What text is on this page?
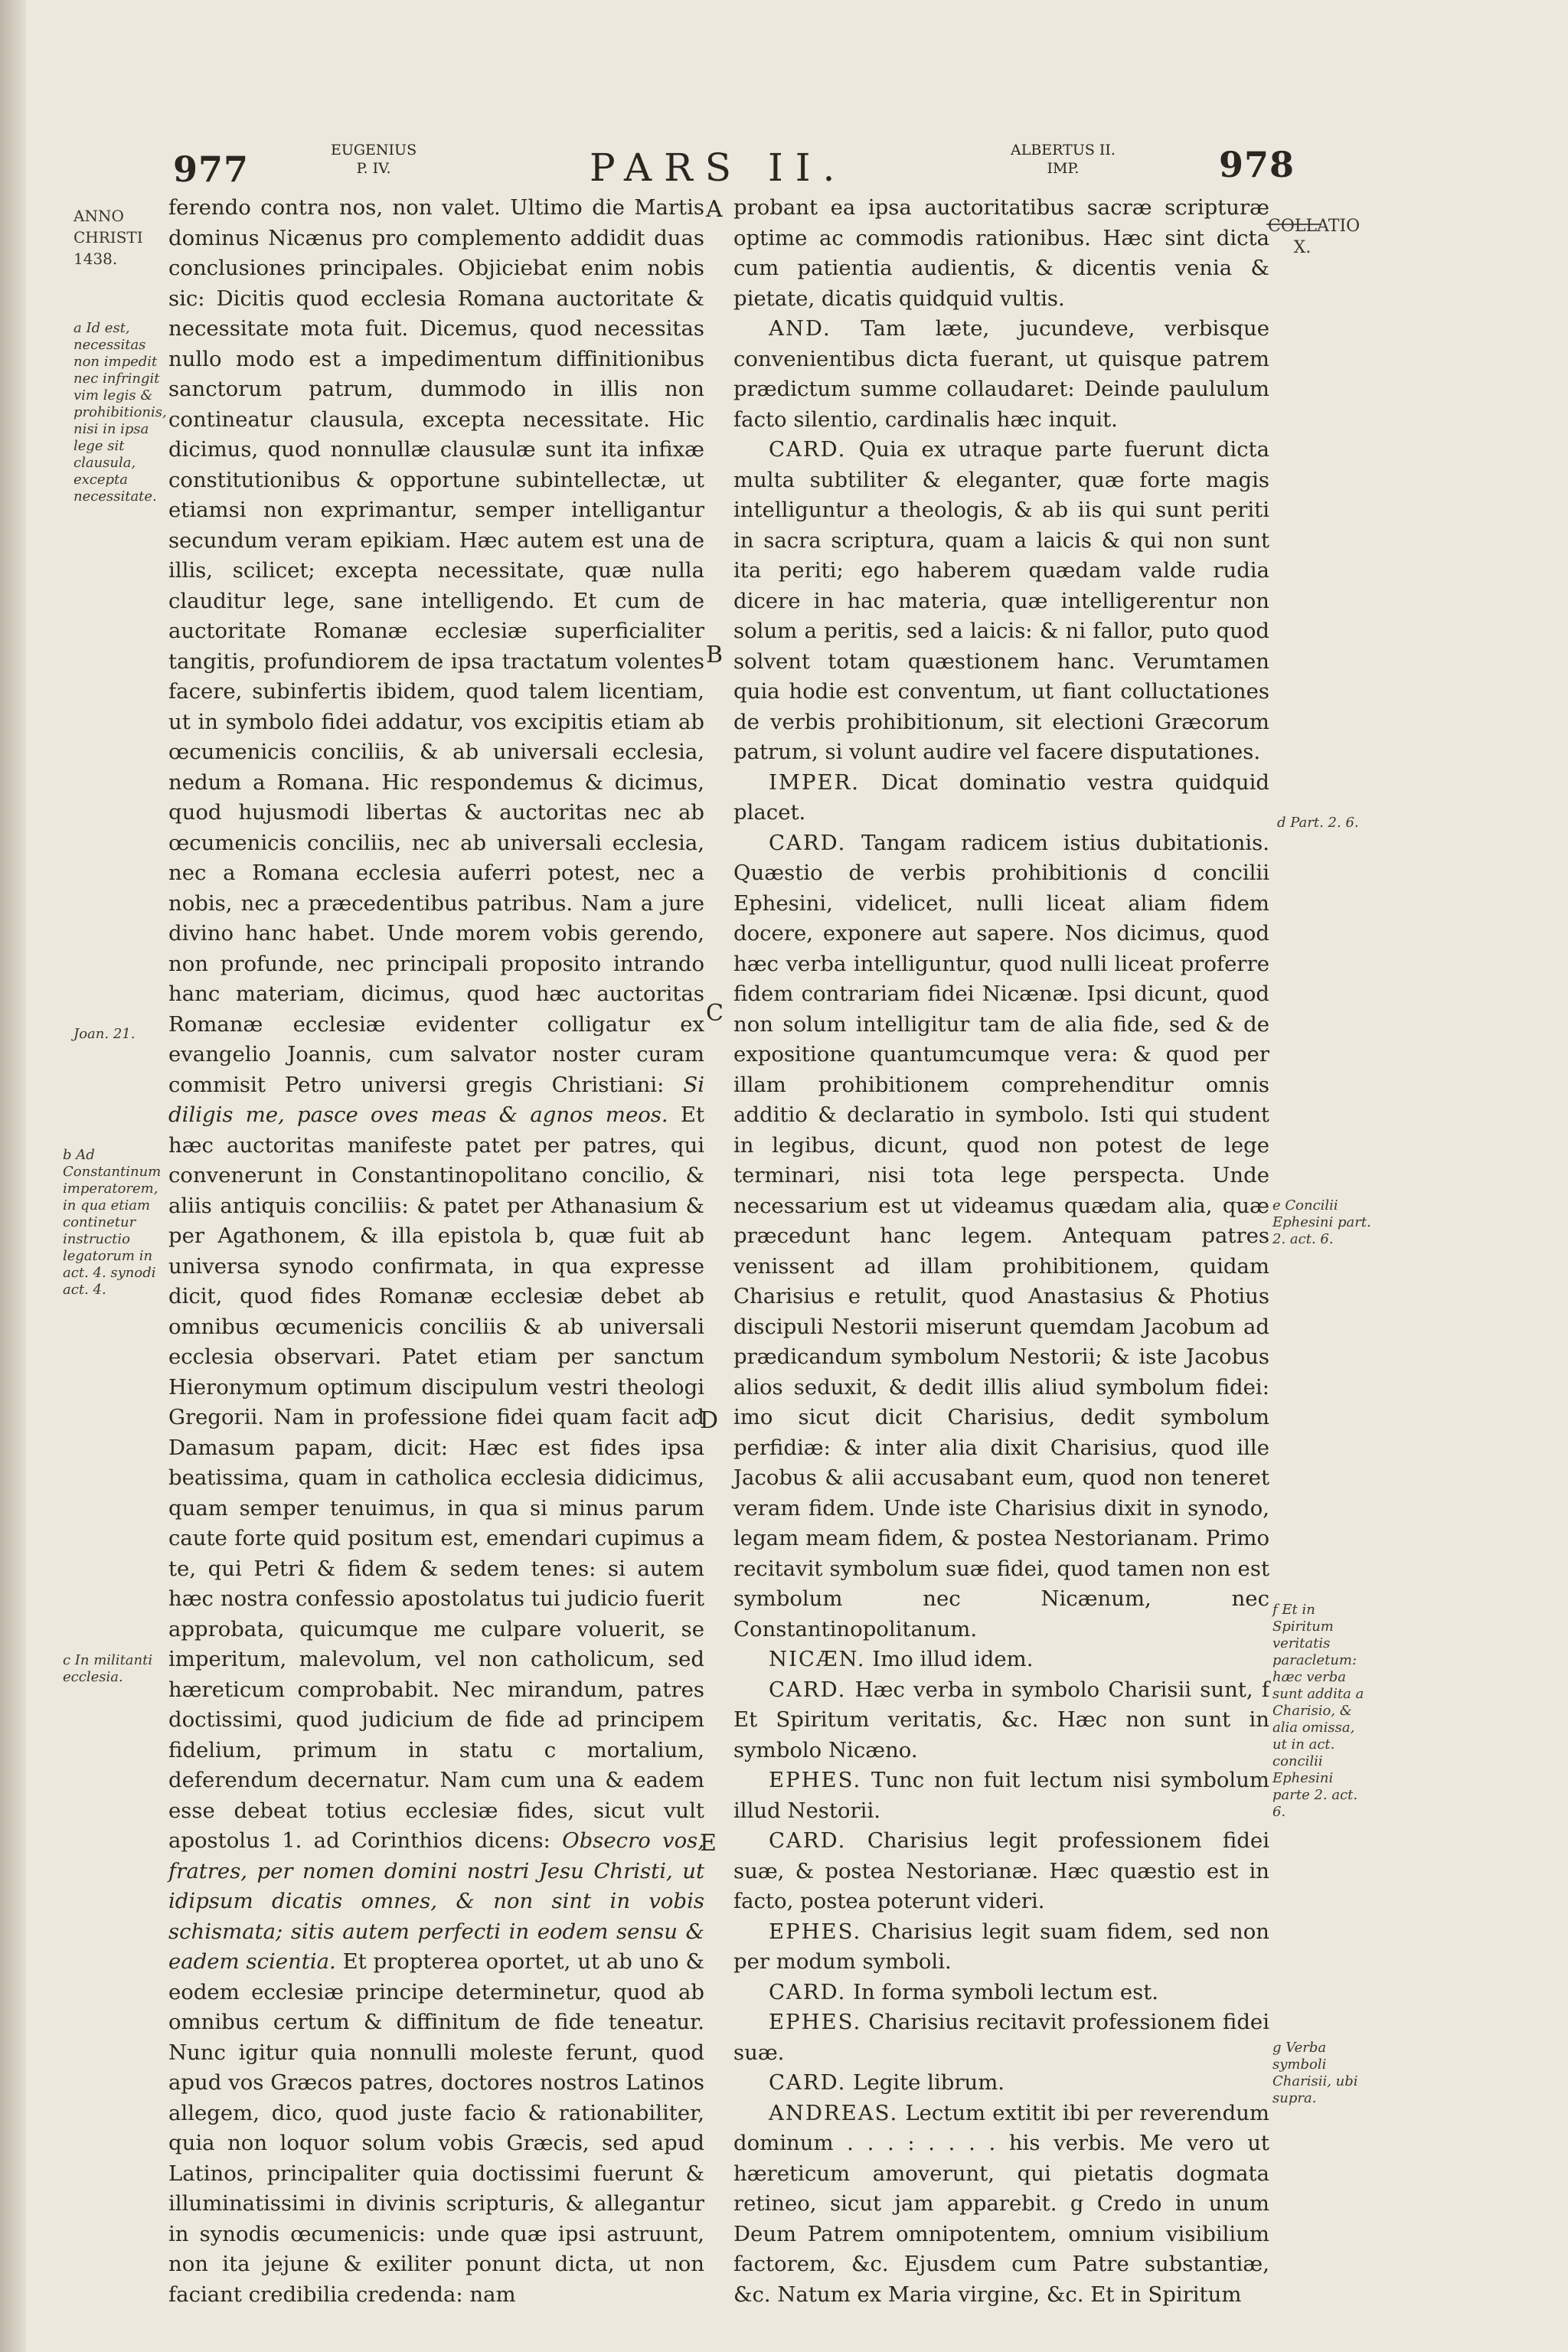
977	EUGENIUS
P. IV.	PARS II.	ALBERTUS II.
IMP.	978
ANNO CHRISTI 1438.
a Id est, necessitas non impedit nec infringit vim legis & prohibitionis, nisi in ipsa lege sit clausula, excepta necessitate.
Joan. 21.
b Ad Constantinum imperatorem, in qua etiam continetur instructio legatorum in act. 4. synodi act. 4.
c In militanti ecclesia.
A
B
C
D
E

ferendo contra nos, non valet. Ultimo die Martis dominus Nicænus pro complemento addidit duas conclusiones principales. Objiciebat enim nobis sic: Dicitis quod ecclesia Romana auctoritate & necessitate mota fuit. Dicemus, quod necessitas nullo modo est a impedimentum diffinitionibus sanctorum patrum, dummodo in illis non contineatur clausula, excepta necessitate. Hic dicimus, quod nonnullæ clausulæ sunt ita infixæ constitutionibus & opportune subintellectæ, ut etiamsi non exprimantur, semper intelligantur secundum veram epikiam. Hæc autem est una de illis, scilicet; excepta necessitate, quæ nulla clauditur lege, sane intelligendo. Et cum de auctoritate Romanæ ecclesiæ superficialiter tangitis, profundiorem de ipsa tractatum volentes facere, subinfertis ibidem, quod talem licentiam, ut in symbolo fidei addatur, vos excipitis etiam ab œcumenicis conciliis, & ab universali ecclesia, nedum a Romana. Hic respondemus & dicimus, quod hujusmodi libertas & auctoritas nec ab œcumenicis conciliis, nec ab universali ecclesia, nec a Romana ecclesia auferri potest, nec a nobis, nec a præcedentibus patribus. Nam a jure divino hanc habet. Unde morem vobis gerendo, non profunde, nec principali proposito intrando hanc materiam, dicimus, quod hæc auctoritas Romanæ ecclesiæ evidenter colligatur ex evangelio Joannis, cum salvator noster curam commisit Petro universi gregis Christiani: Si diligis me, pasce oves meas & agnos meos. Et hæc auctoritas manifeste patet per patres, qui convenerunt in Constantinopolitano concilio, & aliis antiquis conciliis: & patet per Athanasium & per Agathonem, & illa epistola b, quæ fuit ab universa synodo confirmata, in qua expresse dicit, quod fides Romanæ ecclesiæ debet ab omnibus œcumenicis conciliis & ab universali ecclesia observari. Patet etiam per sanctum Hieronymum optimum discipulum vestri theologi Gregorii. Nam in professione fidei quam facit ad Damasum papam, dicit: Hæc est fides ipsa beatissima, quam in catholica ecclesia didicimus, quam semper tenuimus, in qua si minus parum caute forte quid positum est, emendari cupimus a te, qui Petri & fidem & sedem tenes: si autem hæc nostra confessio apostolatus tui judicio fuerit approbata, quicumque me culpare voluerit, se imperitum, malevolum, vel non catholicum, sed hæreticum comprobabit. Nec mirandum, patres doctissimi, quod judicium de fide ad principem fidelium, primum in statu c mortalium, deferendum decernatur. Nam cum una & eadem esse debeat totius ecclesiæ fides, sicut vult apostolus 1. ad Corinthios dicens: Obsecro vos, fratres, per nomen domini nostri Jesu Christi, ut idipsum dicatis omnes, & non sint in vobis schismata; sitis autem perfecti in eodem sensu & eadem scientia. Et propterea oportet, ut ab uno & eodem ecclesiæ principe determinetur, quod ab omnibus certum & diffinitum de fide teneatur. Nunc igitur quia nonnulli moleste ferunt, quod apud vos Græcos patres, doctores nostros Latinos allegem, dico, quod juste facio & rationabiliter, quia non loquor solum vobis Græcis, sed apud Latinos, principaliter quia doctissimi fuerunt & illuminatissimi in divinis scripturis, & allegantur in synodis œcumenicis: unde quæ ipsi astruunt, non ita jejune & exiliter ponunt dicta, ut non faciant credibilia credenda: nam

probant ea ipsa auctoritatibus sacræ scripturæ optime ac commodis rationibus. Hæc sint dicta cum patientia audientis, & dicentis venia & pietate, dicatis quidquid vultis.

AND. Tam læte, jucundeve, verbisque convenientibus dicta fuerant, ut quisque patrem prædictum summe collaudaret: Deinde paululum facto silentio, cardinalis hæc inquit.

CARD. Quia ex utraque parte fuerunt dicta multa subtiliter & eleganter, quæ forte magis intelliguntur a theologis, & ab iis qui sunt periti in sacra scriptura, quam a laicis & qui non sunt ita periti; ego haberem quædam valde rudia dicere in hac materia, quæ intelligerentur non solum a peritis, sed a laicis: & ni fallor, puto quod solvent totam quæstionem hanc. Verumtamen quia hodie est conventum, ut fiant colluctationes de verbis prohibitionum, sit electioni Græcorum patrum, si volunt audire vel facere disputationes.

IMPER. Dicat dominatio vestra quidquid placet.

CARD. Tangam radicem istius dubitationis. Quæstio de verbis prohibitionis d concilii Ephesini, videlicet, nulli liceat aliam fidem docere, exponere aut sapere. Nos dicimus, quod hæc verba intelliguntur, quod nulli liceat proferre fidem contrariam fidei Nicænæ. Ipsi dicunt, quod non solum intelligitur tam de alia fide, sed & de expositione quantumcumque vera: & quod per illam prohibitionem comprehenditur omnis additio & declaratio in symbolo. Isti qui student in legibus, dicunt, quod non potest de lege terminari, nisi tota lege perspecta. Unde necessarium est ut videamus quædam alia, quæ præcedunt hanc legem. Antequam patres venissent ad illam prohibitionem, quidam Charisius e retulit, quod Anastasius & Photius discipuli Nestorii miserunt quemdam Jacobum ad prædicandum symbolum Nestorii; & iste Jacobus alios seduxit, & dedit illis aliud symbolum fidei: imo sicut dicit Charisius, dedit symbolum perfidiæ: & inter alia dixit Charisius, quod ille Jacobus & alii accusabant eum, quod non teneret veram fidem. Unde iste Charisius dixit in synodo, legam meam fidem, & postea Nestorianam. Primo recitavit symbolum suæ fidei, quod tamen non est symbolum nec Nicænum, nec Constantinopolitanum.

NICÆN. Imo illud idem.

CARD. Hæc verba in symbolo Charisii sunt, f Et Spiritum veritatis, &c. Hæc non sunt in symbolo Nicæno.

EPHES. Tunc non fuit lectum nisi symbolum illud Nestorii.

CARD. Charisius legit professionem fidei suæ, & postea Nestorianæ. Hæc quæstio est in facto, postea poterunt videri.

EPHES. Charisius legit suam fidem, sed non per modum symboli.

CARD. In forma symboli lectum est.

EPHES. Charisius recitavit professionem fidei suæ.

CARD. Legite librum.

ANDREAS. Lectum extitit ibi per reverendum dominum . . . : . . . . his verbis. Me vero ut hæreticum amoverunt, qui pietatis dogmata retineo, sicut jam apparebit. g Credo in unum Deum Patrem omnipotentem, omnium visibilium factorem, &c. Ejusdem cum Patre substantiæ, &c. Natum ex Maria virgine, &c. Et in Spiritum

COLLATIO X.
d Part. 2. 6.
e Concilii Ephesini part. 2. act. 6.
f Et in Spiritum veritatis paracletum: hæc verba sunt addita a Charisio, & alia omissa, ut in act. concilii Ephesini parte 2. act. 6.
g Verba symboli Charisii, ubi supra.
